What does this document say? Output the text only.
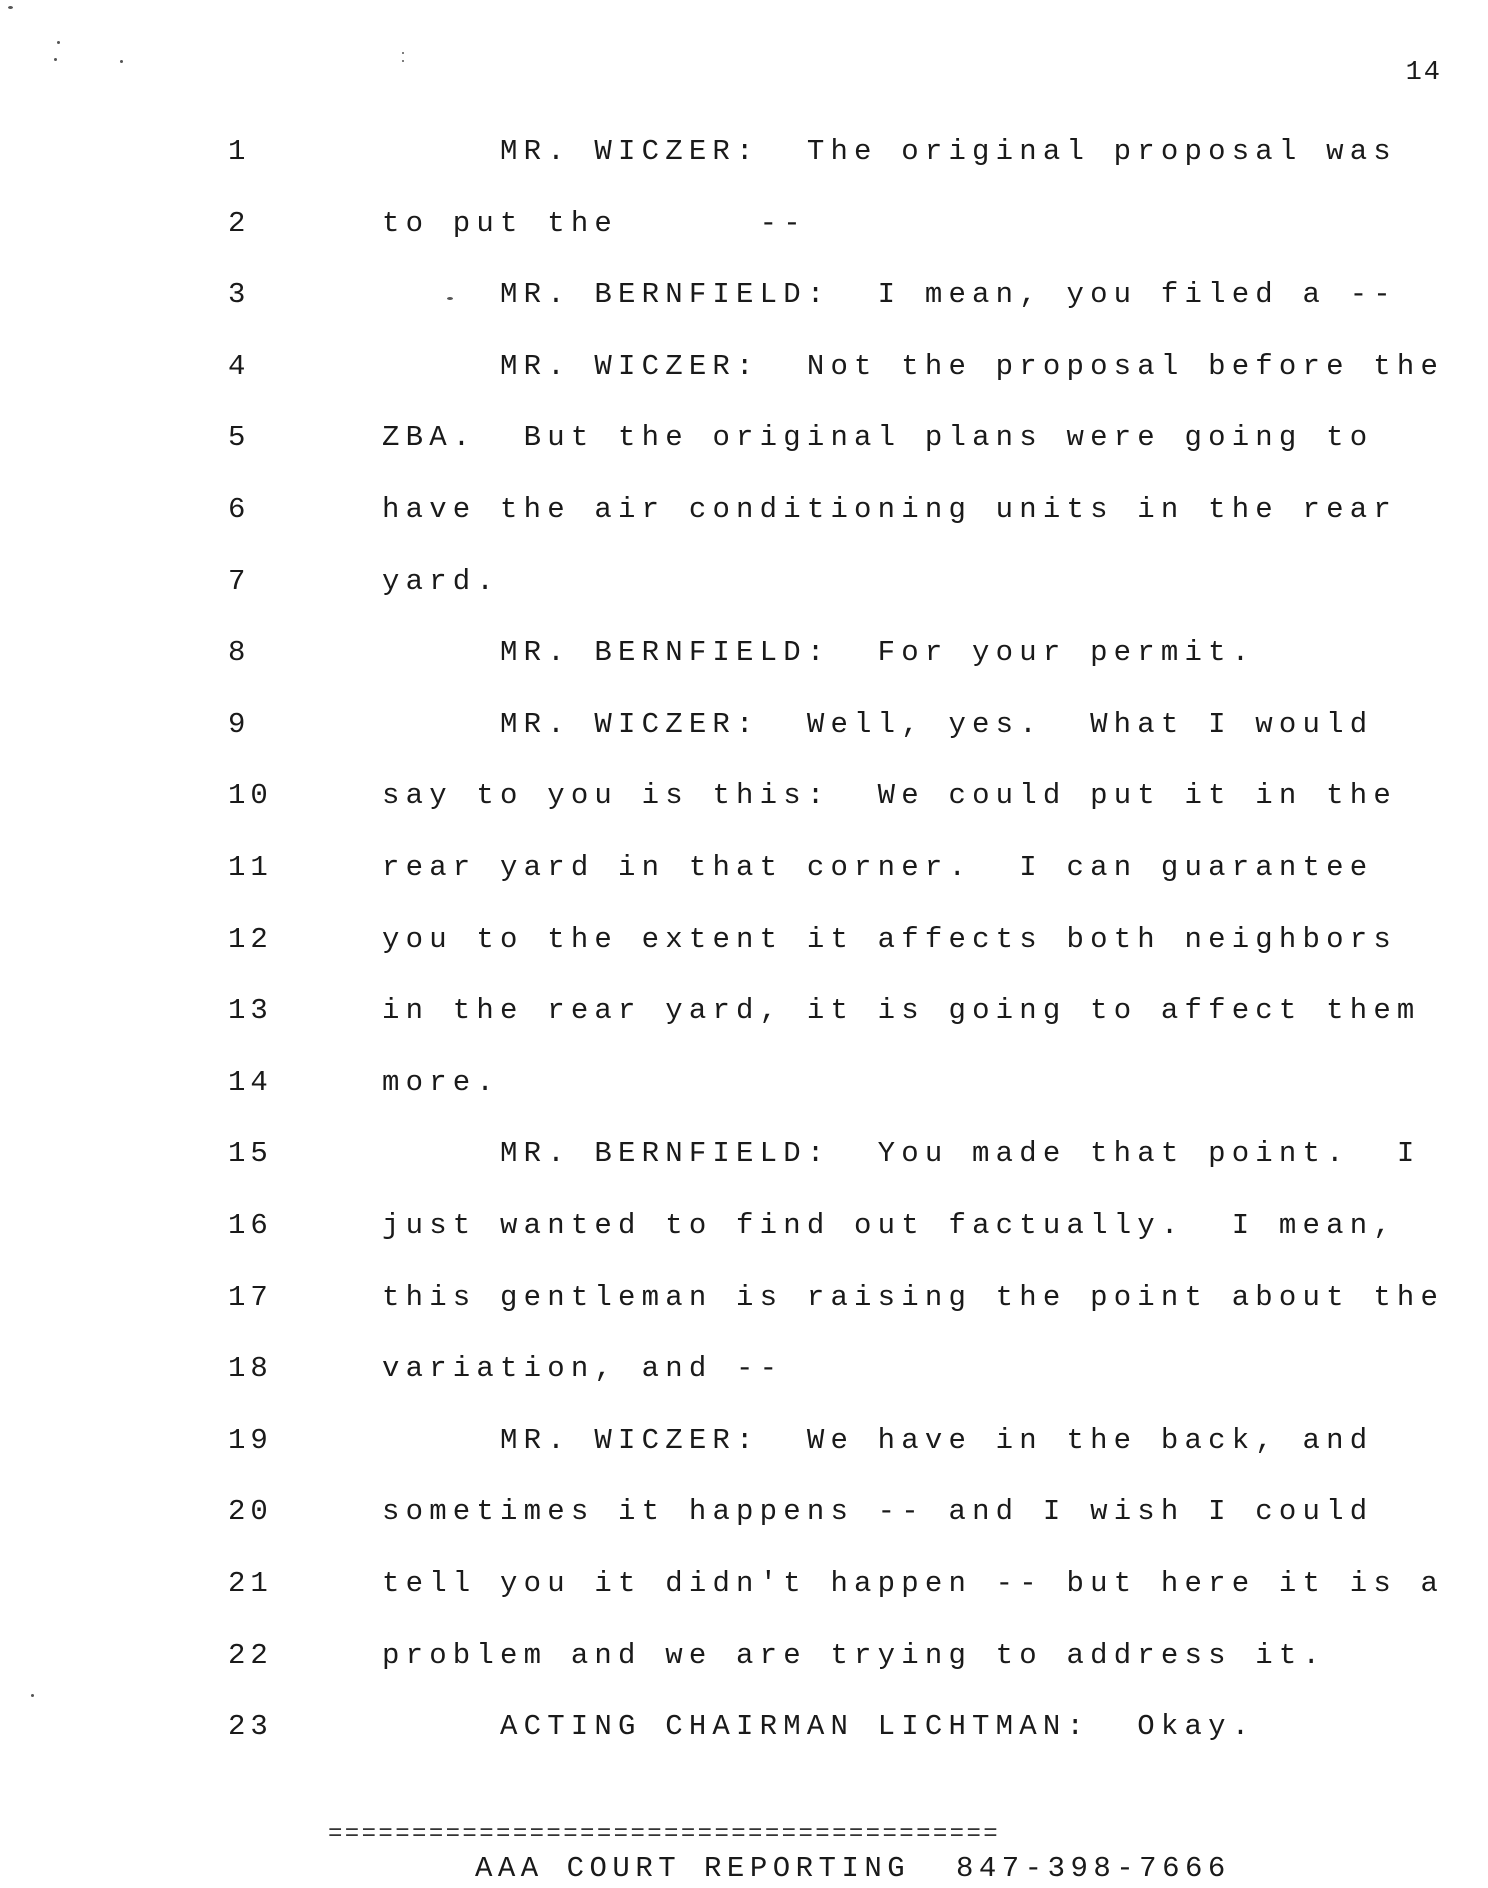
14
1	MR. WICZER:  The original proposal was
2	to put the      --
3	MR. BERNFIELD:  I mean, you filed a --
4	MR. WICZER:  Not the proposal before the
5	ZBA.  But the original plans were going to
6	have the air conditioning units in the rear
7	yard.
8	MR. BERNFIELD:  For your permit.
9	MR. WICZER:  Well, yes.  What I would
10	say to you is this:  We could put it in the
11	rear yard in that corner.  I can guarantee
12	you to the extent it affects both neighbors
13	in the rear yard, it is going to affect them
14	more.
15	MR. BERNFIELD:  You made that point.  I
16	just wanted to find out factually.  I mean,
17	this gentleman is raising the point about the
18	variation, and --
19	MR. WICZER:  We have in the back, and
20	sometimes it happens -- and I wish I could
21	tell you it didn't happen -- but here it is a
22	problem and we are trying to address it.
23	ACTING CHAIRMAN LICHTMAN:  Okay.
========================================
AAA COURT REPORTING  847-398-7666
